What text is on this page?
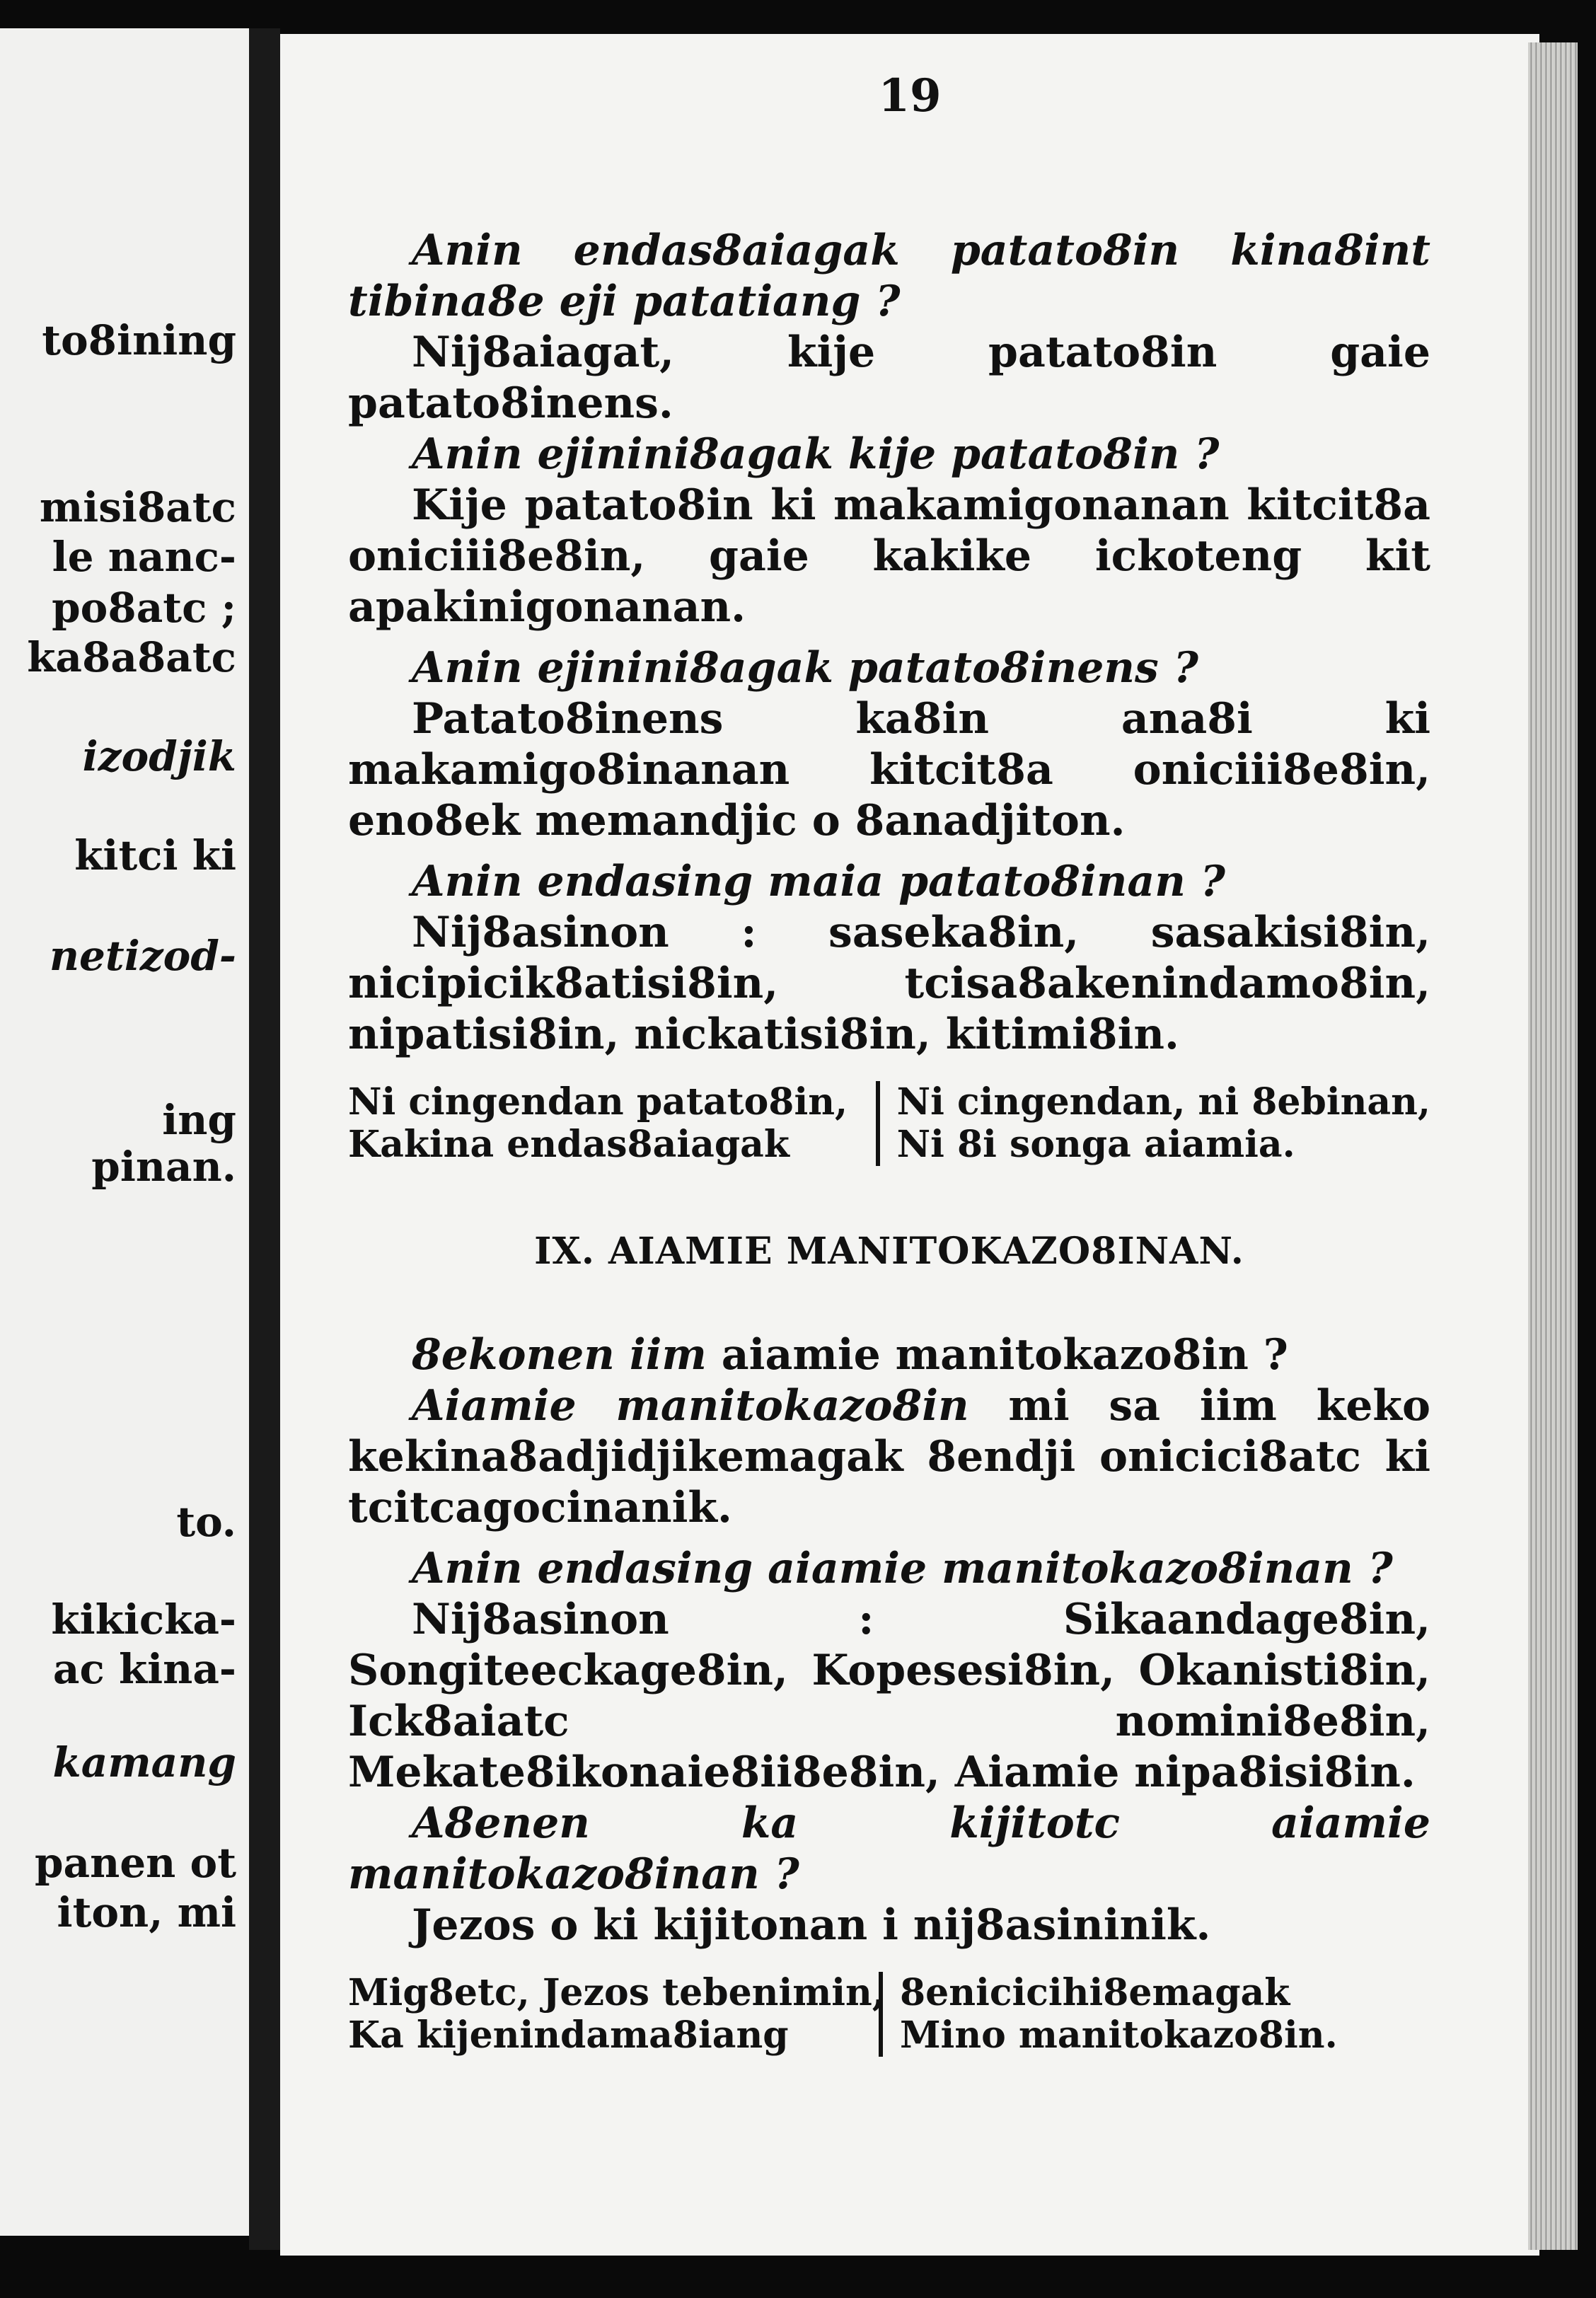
to8ining
misi8atc
le nanc-
po8atc ;
ka8a8atc
izodjik
kitci ki
netizod-
ing
pinan.
to.
kikicka-
ac kina-
kamang
panen ot
iton, mi
19

Anin endas8aiagak patato8in kina8int tibina8e eji patatiang ?

Nij8aiagat, kije patato8in gaie patato8inens.

Anin ejinini8agak kije patato8in ?

Kije patato8in ki makamigonanan kitcit8a oniciii8e8in, gaie kakike ickoteng kit apakinigonanan.

Anin ejinini8agak patato8inens ?

Patato8inens ka8in ana8i ki makamigo8inanan kitcit8a oniciii8e8in, eno8ek memandjic o 8anadjiton.

Anin endasing maia patato8inan ?

Nij8asinon : saseka8in, sasakisi8in, nicipicik8atisi8in, tcisa8akenindamo8in, nipatisi8in, nickatisi8in, kitimi8in.

Ni cingendan patato8in,
Kakina endas8aiagak
Ni cingendan, ni 8ebinan,
Ni 8i songa aiamia.
IX. AIAMIE MANITOKAZO8INAN.

8ekonen iim aiamie manitokazo8in ?

Aiamie manitokazo8in mi sa iim keko kekina8adjidjikemagak 8endji onicici8atc ki tcitcagocinanik.

Anin endasing aiamie manitokazo8inan ?

Nij8asinon : Sikaandage8in, Songiteeckage8in, Kopesesi8in, Okanisti8in, Ick8aiatc nomini8e8in, Mekate8ikonaie8ii8e8in, Aiamie nipa8isi8in.

A8enen ka kijitotc aiamie manitokazo8inan ?

Jezos o ki kijitonan i nij8asininik.

Mig8etc, Jezos tebenimin,
Ka kijenindama8iang
8enicicihi8emagak
Mino manitokazo8in.
